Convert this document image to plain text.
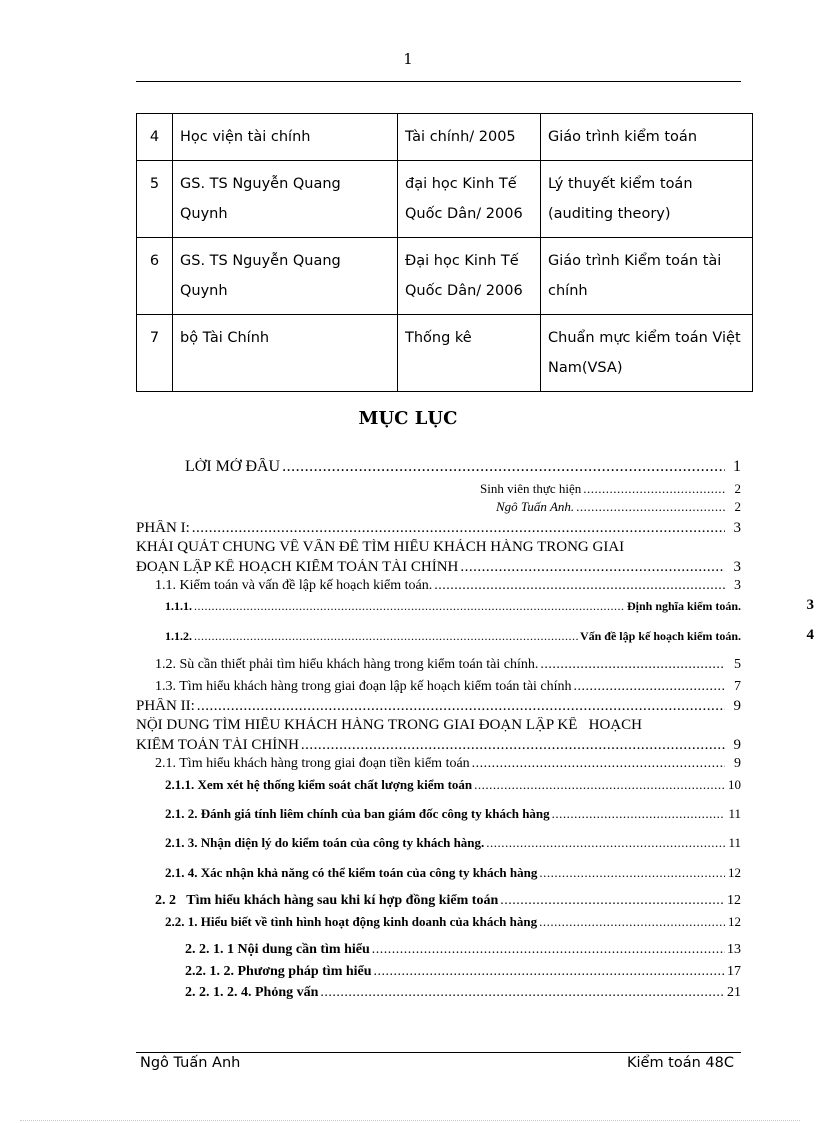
1
4	Học viện tài chính	Tài chính/ 2005	Giáo trình kiểm toán
5	GS. TS Nguyễn Quang Quynh	đại học Kinh Tế Quốc Dân/ 2006	Lý thuyết kiểm toán (auditing theory)
6	GS. TS Nguyễn Quang Quynh	Đại học Kinh Tế Quốc Dân/ 2006	Giáo trình Kiểm toán tài chính
7	bộ Tài Chính	Thống kê	Chuẩn mực kiểm toán Việt Nam(VSA)
MỤC LỤC
LỜI MỞ ĐẦU .....	1
Sinh viên thực hiện .....	2
Ngô Tuấn Anh. .....	2
PHẦN I: .....	3
KHÁI QUÁT CHUNG VỀ VẤN ĐỀ TÌM HIỂU KHÁCH HÀNG TRONG GIAI
ĐOẠN LẬP KẾ HOẠCH KIỂM TOÁN TÀI CHÍNH .....	3
1.1. Kiểm toán và vấn đề lập kế hoạch kiểm toán. .....	3
1.1.1. .....	Định nghĩa kiểm toán.	3
1.1.2. .....	Vấn đề lập kế hoạch kiểm toán.	4
1.2. Sù cần thiết phải tìm hiểu khách hàng trong kiểm toán tài chính. .....	5
1.3. Tìm hiểu khách hàng trong giai đoạn lập kế hoạch kiểm toán tài chính .....	7
PHẦN II: .....	9
NỘI DUNG TÌM HIỂU KHÁCH HÀNG TRONG GIAI ĐOẠN LẬP KẾ   HOẠCH
KIỂM TOÁN TÀI CHÍNH .....	9
2.1. Tìm hiểu khách hàng trong giai đoạn tiền kiểm toán .....	9
2.1.1. Xem xét hệ thống kiểm soát chất lượng kiểm toán .....	10
2.1. 2. Đánh giá tính liêm chính của ban giám đốc công ty khách hàng .....	11
2.1. 3. Nhận diện lý do kiểm toán của công ty khách hàng. .....	11
2.1. 4. Xác nhận khả năng có thể kiểm toán của công ty khách hàng .....	12
2. 2   Tìm hiểu khách hàng sau khi kí hợp đồng kiểm toán .....	12
2.2. 1. Hiểu biết về tình hình hoạt động kinh doanh của khách hàng .....	12
2. 2. 1. 1 Nội dung cần tìm hiểu .....	13
2.2. 1. 2. Phương pháp tìm hiểu .....	17
2. 2. 1. 2. 4. Phỏng vấn .....	21
Ngô Tuấn Anh	Kiểm toán 48C
